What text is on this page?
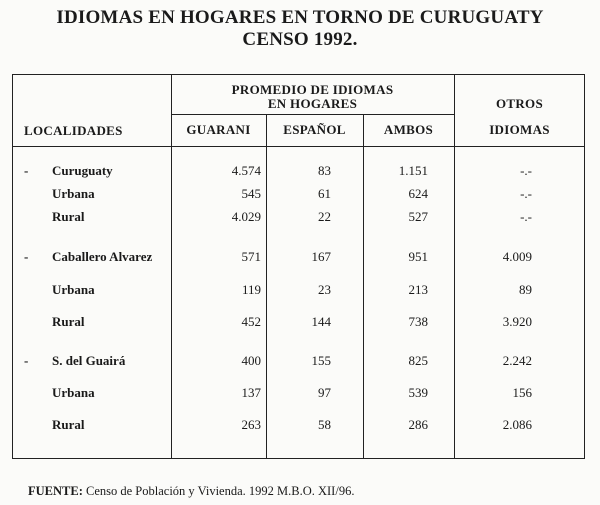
IDIOMAS EN HOGARES EN TORNO DE CURUGUATY
CENSO 1992.
LOCALIDADES
PROMEDIO DE IDIOMAS
EN HOGARES
GUARANI	ESPAÑOL	AMBOS
OTROS
IDIOMAS
-	Curuguaty	4.574	83	1.151	-.-
Urbana	545	61	624	-.-
Rural	4.029	22	527	-.-
-	Caballero Alvarez	571	167	951	4.009
Urbana	119	23	213	89
Rural	452	144	738	3.920
-	S. del Guairá	400	155	825	2.242
Urbana	137	97	539	156
Rural	263	58	286	2.086
FUENTE: Censo de Población y Vivienda. 1992 M.B.O. XII/96.
